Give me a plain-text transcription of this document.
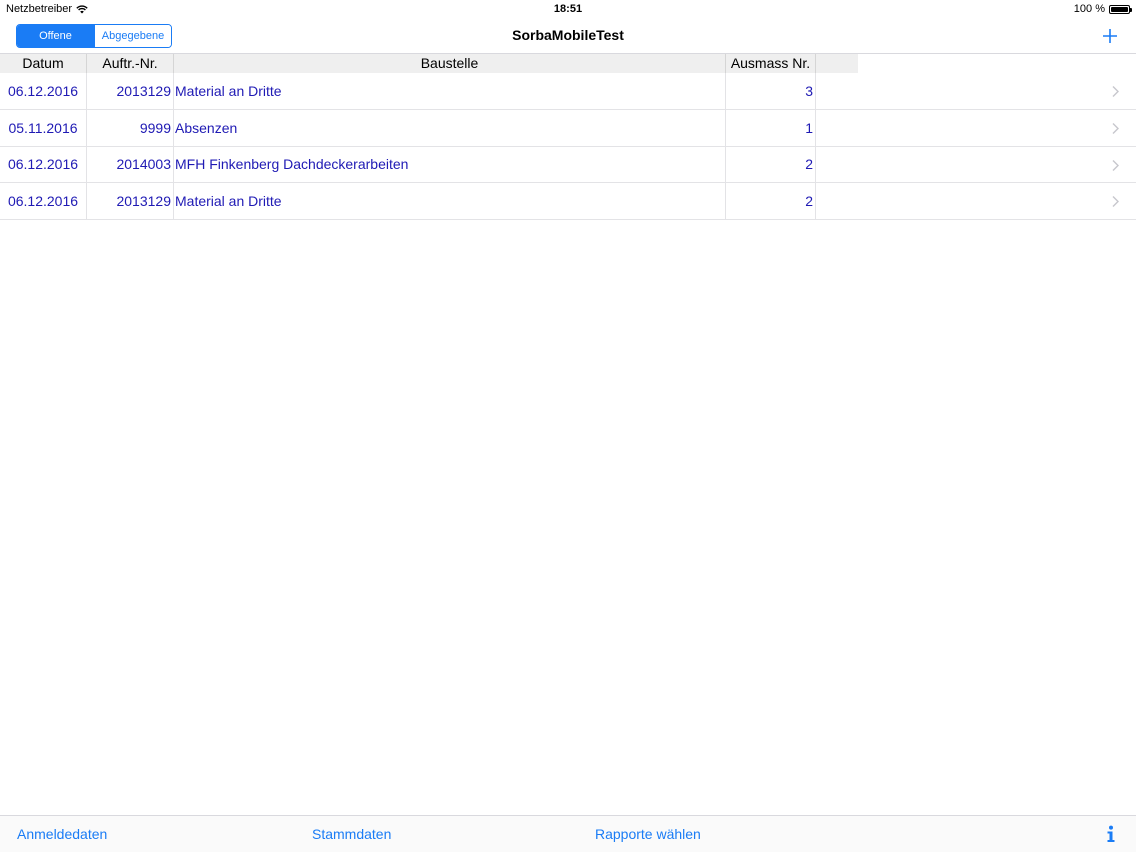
Netzbetreiber	18:51	100 %
Offene	Abgegebene	SorbaMobileTest
Datum	Auftr.-Nr.	Baustelle	Ausmass Nr.
06.12.2016	2013129 Material an Dritte	3
05.11.2016	9999 Absenzen	1
06.12.2016	2014003 MFH Finkenberg Dachdeckerarbeiten	2
06.12.2016	2013129 Material an Dritte	2
Anmeldedaten	Stammdaten	Rapporte wählen
